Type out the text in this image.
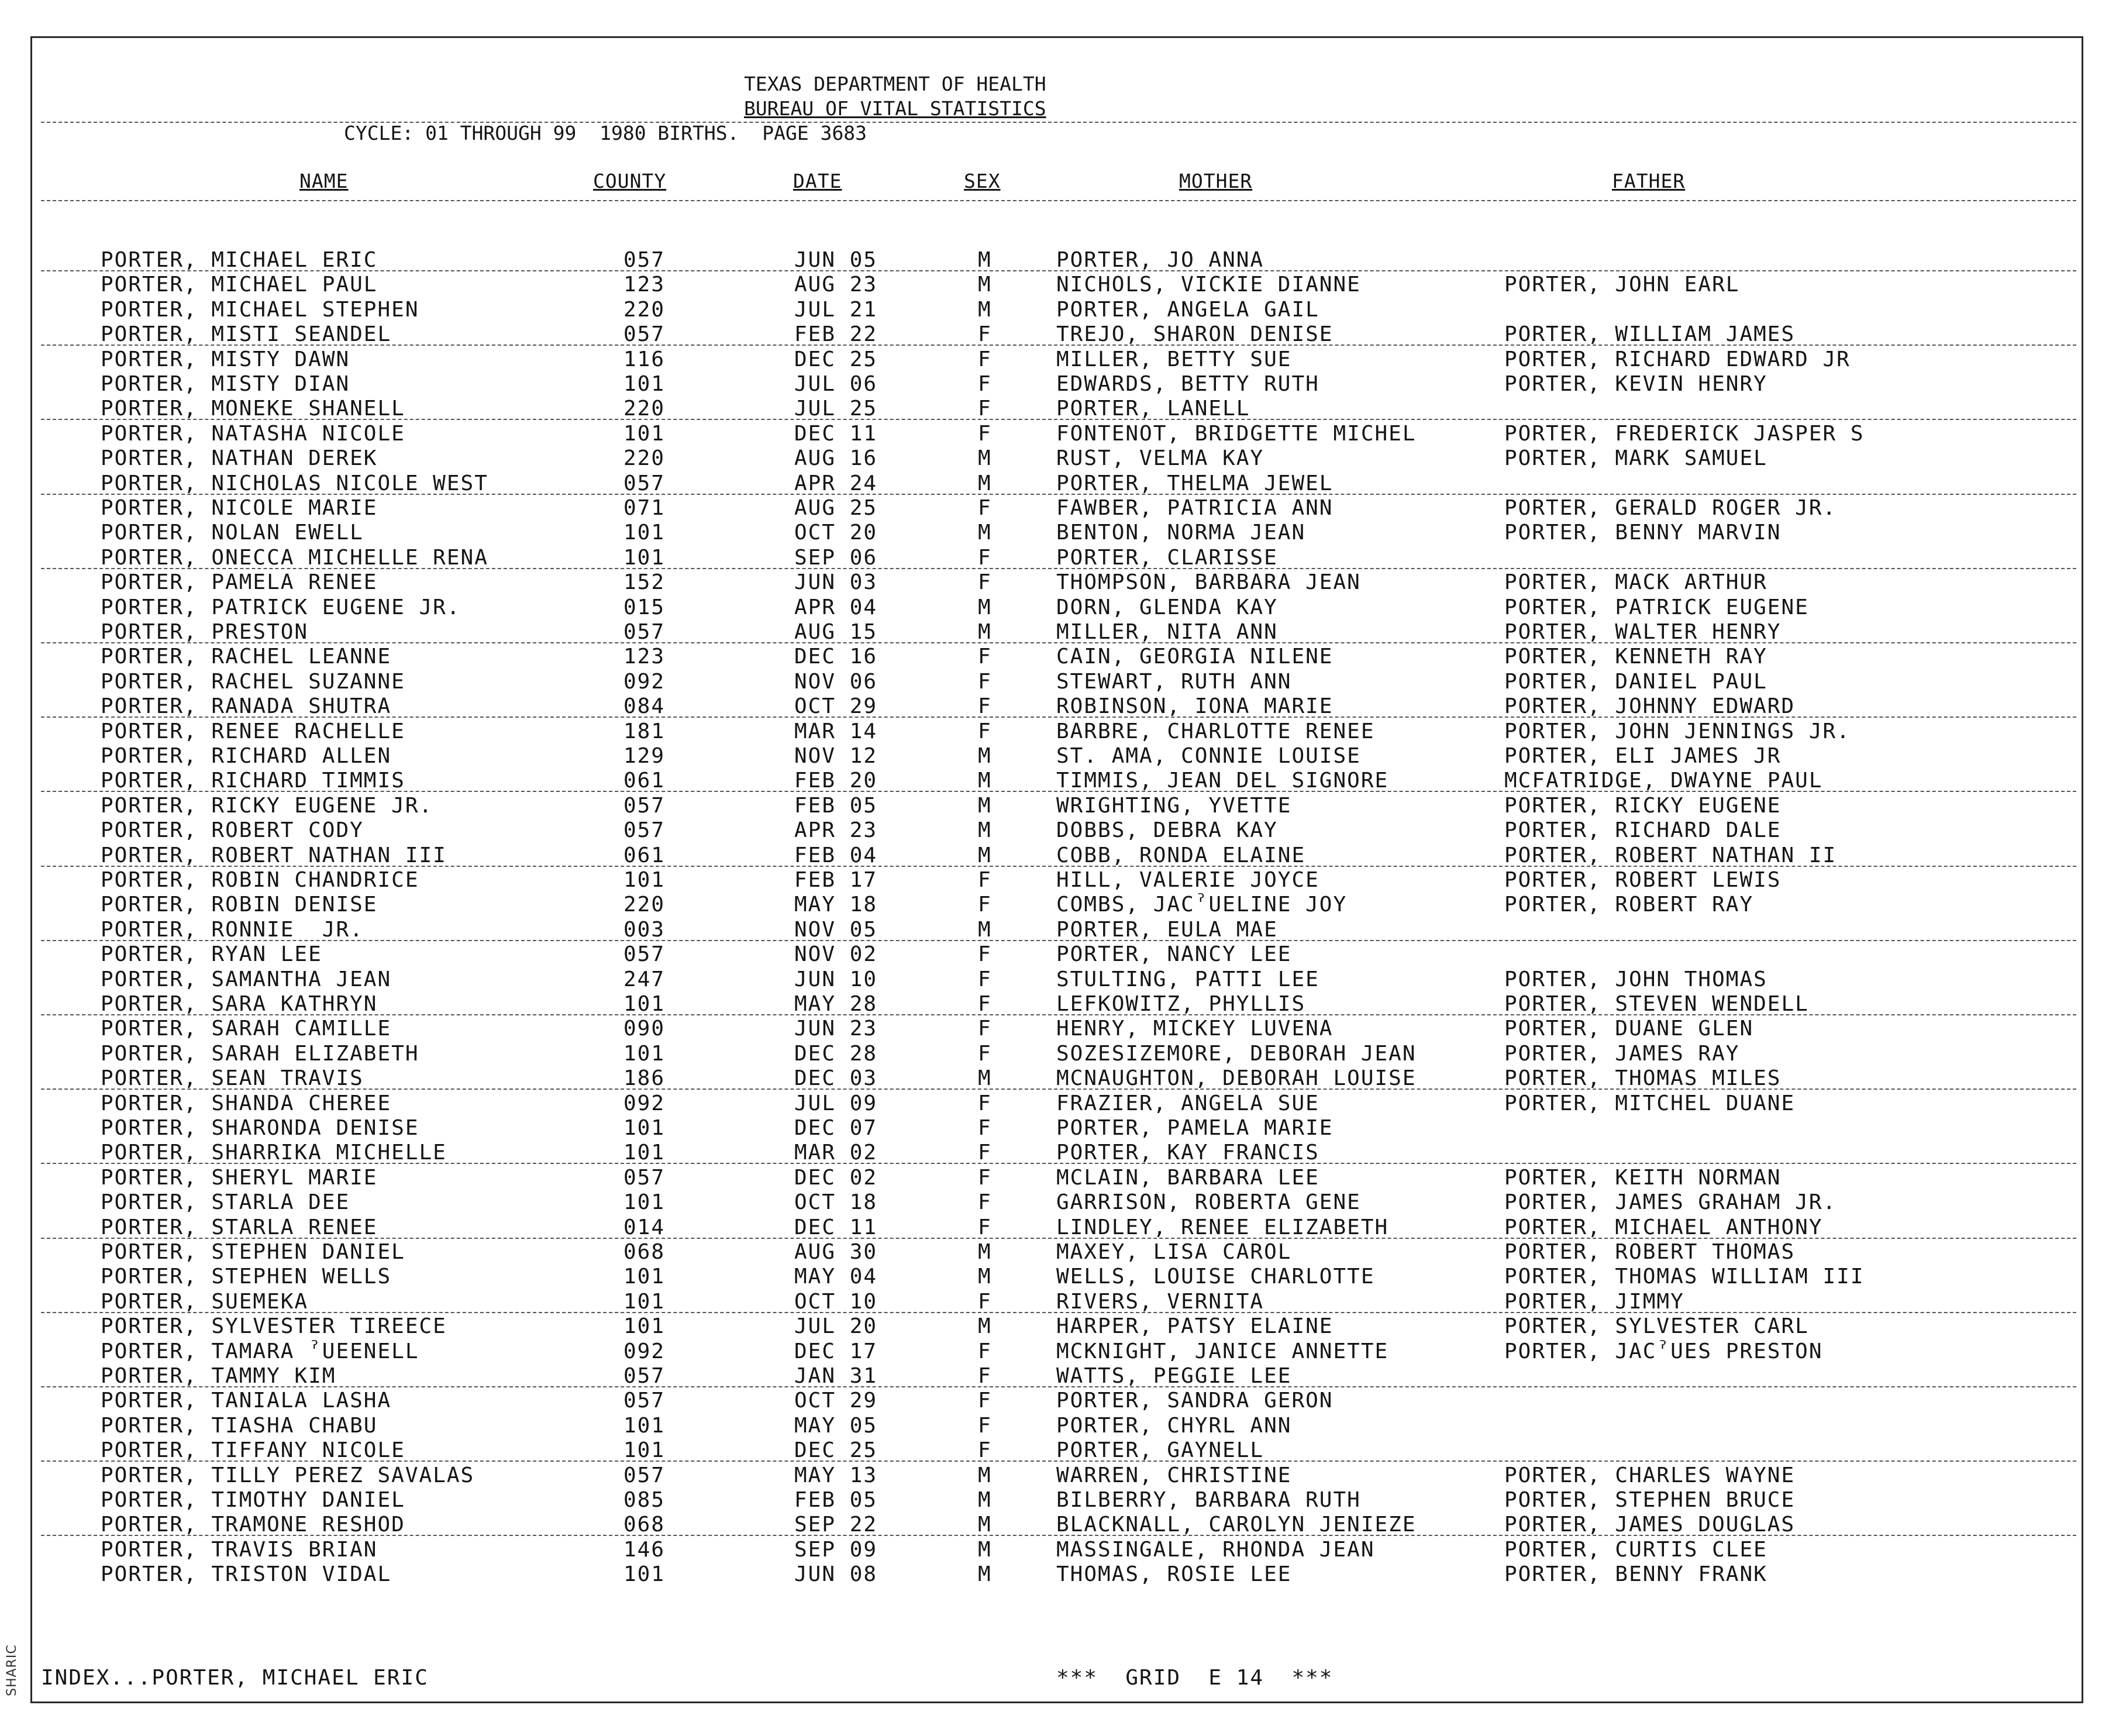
SHARIC
TEXAS DEPARTMENT OF HEALTH
BUREAU OF VITAL STATISTICS
CYCLE: 01 THROUGH 99  1980 BIRTHS.  PAGE 3683
NAME	COUNTY	DATE	SEX	MOTHER	FATHER
PORTER, MICHAEL ERIC	057	JUN 05	M	PORTER, JO ANNA
PORTER, MICHAEL PAUL	123	AUG 23	M	NICHOLS, VICKIE DIANNE	PORTER, JOHN EARL
PORTER, MICHAEL STEPHEN	220	JUL 21	M	PORTER, ANGELA GAIL
PORTER, MISTI SEANDEL	057	FEB 22	F	TREJO, SHARON DENISE	PORTER, WILLIAM JAMES
PORTER, MISTY DAWN	116	DEC 25	F	MILLER, BETTY SUE	PORTER, RICHARD EDWARD JR
PORTER, MISTY DIAN	101	JUL 06	F	EDWARDS, BETTY RUTH	PORTER, KEVIN HENRY
PORTER, MONEKE SHANELL	220	JUL 25	F	PORTER, LANELL
PORTER, NATASHA NICOLE	101	DEC 11	F	FONTENOT, BRIDGETTE MICHEL	PORTER, FREDERICK JASPER S
PORTER, NATHAN DEREK	220	AUG 16	M	RUST, VELMA KAY	PORTER, MARK SAMUEL
PORTER, NICHOLAS NICOLE WEST	057	APR 24	M	PORTER, THELMA JEWEL
PORTER, NICOLE MARIE	071	AUG 25	F	FAWBER, PATRICIA ANN	PORTER, GERALD ROGER JR.
PORTER, NOLAN EWELL	101	OCT 20	M	BENTON, NORMA JEAN	PORTER, BENNY MARVIN
PORTER, ONECCA MICHELLE RENA	101	SEP 06	F	PORTER, CLARISSE
PORTER, PAMELA RENEE	152	JUN 03	F	THOMPSON, BARBARA JEAN	PORTER, MACK ARTHUR
PORTER, PATRICK EUGENE JR.	015	APR 04	M	DORN, GLENDA KAY	PORTER, PATRICK EUGENE
PORTER, PRESTON	057	AUG 15	M	MILLER, NITA ANN	PORTER, WALTER HENRY
PORTER, RACHEL LEANNE	123	DEC 16	F	CAIN, GEORGIA NILENE	PORTER, KENNETH RAY
PORTER, RACHEL SUZANNE	092	NOV 06	F	STEWART, RUTH ANN	PORTER, DANIEL PAUL
PORTER, RANADA SHUTRA	084	OCT 29	F	ROBINSON, IONA MARIE	PORTER, JOHNNY EDWARD
PORTER, RENEE RACHELLE	181	MAR 14	F	BARBRE, CHARLOTTE RENEE	PORTER, JOHN JENNINGS JR.
PORTER, RICHARD ALLEN	129	NOV 12	M	ST. AMA, CONNIE LOUISE	PORTER, ELI JAMES JR
PORTER, RICHARD TIMMIS	061	FEB 20	M	TIMMIS, JEAN DEL SIGNORE	MCFATRIDGE, DWAYNE PAUL
PORTER, RICKY EUGENE JR.	057	FEB 05	M	WRIGHTING, YVETTE	PORTER, RICKY EUGENE
PORTER, ROBERT CODY	057	APR 23	M	DOBBS, DEBRA KAY	PORTER, RICHARD DALE
PORTER, ROBERT NATHAN III	061	FEB 04	M	COBB, RONDA ELAINE	PORTER, ROBERT NATHAN II
PORTER, ROBIN CHANDRICE	101	FEB 17	F	HILL, VALERIE JOYCE	PORTER, ROBERT LEWIS
PORTER, ROBIN DENISE	220	MAY 18	F	COMBS, JACˀUELINE JOY	PORTER, ROBERT RAY
PORTER, RONNIE  JR.	003	NOV 05	M	PORTER, EULA MAE
PORTER, RYAN LEE	057	NOV 02	F	PORTER, NANCY LEE
PORTER, SAMANTHA JEAN	247	JUN 10	F	STULTING, PATTI LEE	PORTER, JOHN THOMAS
PORTER, SARA KATHRYN	101	MAY 28	F	LEFKOWITZ, PHYLLIS	PORTER, STEVEN WENDELL
PORTER, SARAH CAMILLE	090	JUN 23	F	HENRY, MICKEY LUVENA	PORTER, DUANE GLEN
PORTER, SARAH ELIZABETH	101	DEC 28	F	SOZESIZEMORE, DEBORAH JEAN	PORTER, JAMES RAY
PORTER, SEAN TRAVIS	186	DEC 03	M	MCNAUGHTON, DEBORAH LOUISE	PORTER, THOMAS MILES
PORTER, SHANDA CHEREE	092	JUL 09	F	FRAZIER, ANGELA SUE	PORTER, MITCHEL DUANE
PORTER, SHARONDA DENISE	101	DEC 07	F	PORTER, PAMELA MARIE
PORTER, SHARRIKA MICHELLE	101	MAR 02	F	PORTER, KAY FRANCIS
PORTER, SHERYL MARIE	057	DEC 02	F	MCLAIN, BARBARA LEE	PORTER, KEITH NORMAN
PORTER, STARLA DEE	101	OCT 18	F	GARRISON, ROBERTA GENE	PORTER, JAMES GRAHAM JR.
PORTER, STARLA RENEE	014	DEC 11	F	LINDLEY, RENEE ELIZABETH	PORTER, MICHAEL ANTHONY
PORTER, STEPHEN DANIEL	068	AUG 30	M	MAXEY, LISA CAROL	PORTER, ROBERT THOMAS
PORTER, STEPHEN WELLS	101	MAY 04	M	WELLS, LOUISE CHARLOTTE	PORTER, THOMAS WILLIAM III
PORTER, SUEMEKA	101	OCT 10	F	RIVERS, VERNITA	PORTER, JIMMY
PORTER, SYLVESTER TIREECE	101	JUL 20	M	HARPER, PATSY ELAINE	PORTER, SYLVESTER CARL
PORTER, TAMARA ˀUEENELL	092	DEC 17	F	MCKNIGHT, JANICE ANNETTE	PORTER, JACˀUES PRESTON
PORTER, TAMMY KIM	057	JAN 31	F	WATTS, PEGGIE LEE
PORTER, TANIALA LASHA	057	OCT 29	F	PORTER, SANDRA GERON
PORTER, TIASHA CHABU	101	MAY 05	F	PORTER, CHYRL ANN
PORTER, TIFFANY NICOLE	101	DEC 25	F	PORTER, GAYNELL
PORTER, TILLY PEREZ SAVALAS	057	MAY 13	M	WARREN, CHRISTINE	PORTER, CHARLES WAYNE
PORTER, TIMOTHY DANIEL	085	FEB 05	M	BILBERRY, BARBARA RUTH	PORTER, STEPHEN BRUCE
PORTER, TRAMONE RESHOD	068	SEP 22	M	BLACKNALL, CAROLYN JENIEZE	PORTER, JAMES DOUGLAS
PORTER, TRAVIS BRIAN	146	SEP 09	M	MASSINGALE, RHONDA JEAN	PORTER, CURTIS CLEE
PORTER, TRISTON VIDAL	101	JUN 08	M	THOMAS, ROSIE LEE	PORTER, BENNY FRANK
INDEX...PORTER, MICHAEL ERIC	***  GRID  E 14  ***
